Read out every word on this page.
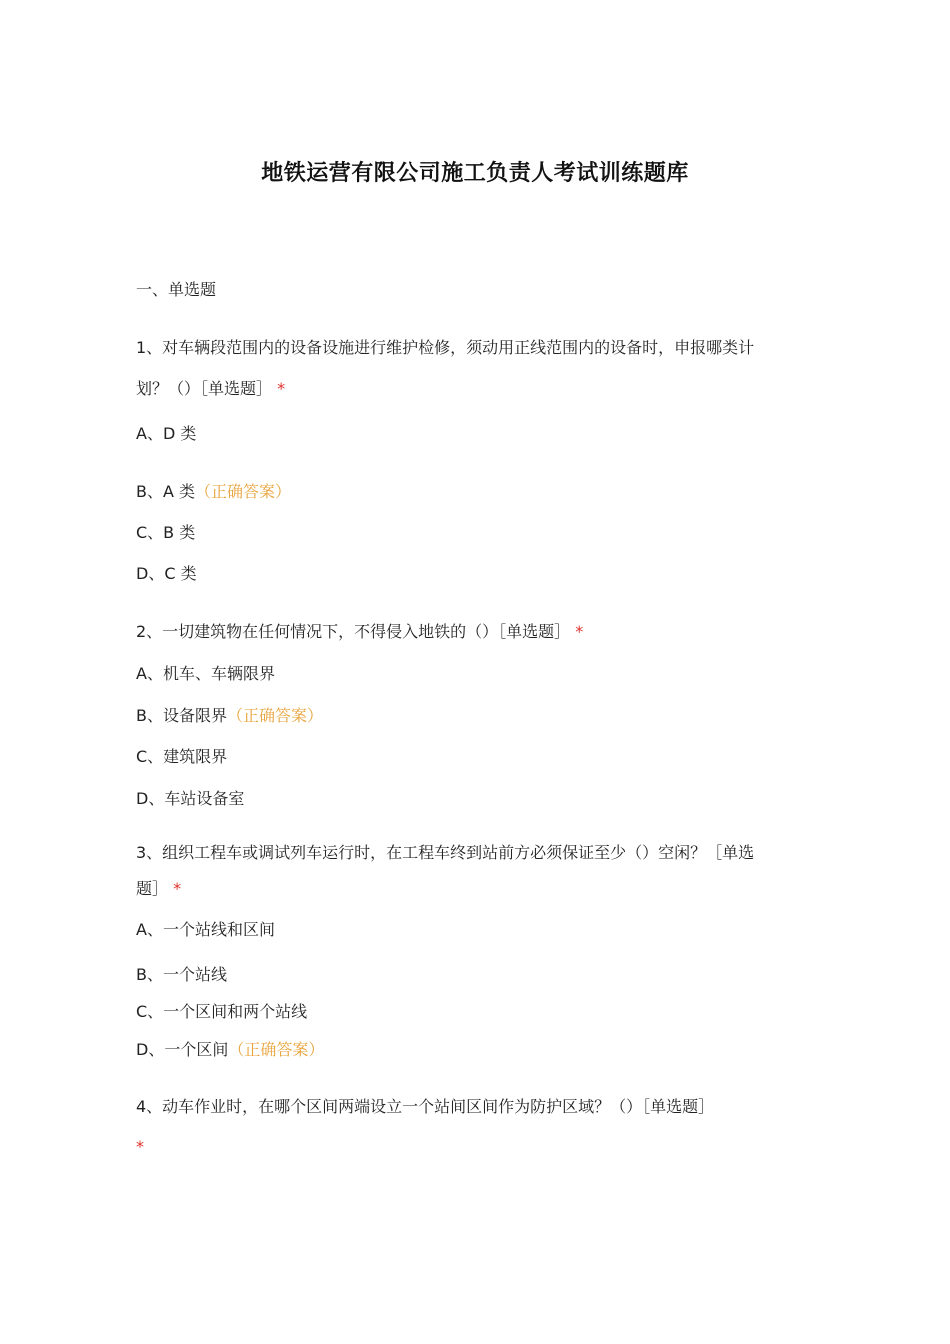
地铁运营有限公司施工负责人考试训练题库
一、单选题
1、对车辆段范围内的设备设施进行维护检修，须动用正线范围内的设备时，申报哪类计
划？（）［单选题］ *
A、D 类
B、A 类（正确答案）
C、B 类
D、C 类
2、一切建筑物在任何情况下，不得侵入地铁的（）［单选题］ *
A、机车、车辆限界
B、设备限界（正确答案）
C、建筑限界
D、车站设备室
3、组织工程车或调试列车运行时，在工程车终到站前方必须保证至少（）空闲？［单选
题］ *
A、一个站线和区间
B、一个站线
C、一个区间和两个站线
D、一个区间（正确答案）
4、动车作业时，在哪个区间两端设立一个站间区间作为防护区域？（）［单选题］
*
